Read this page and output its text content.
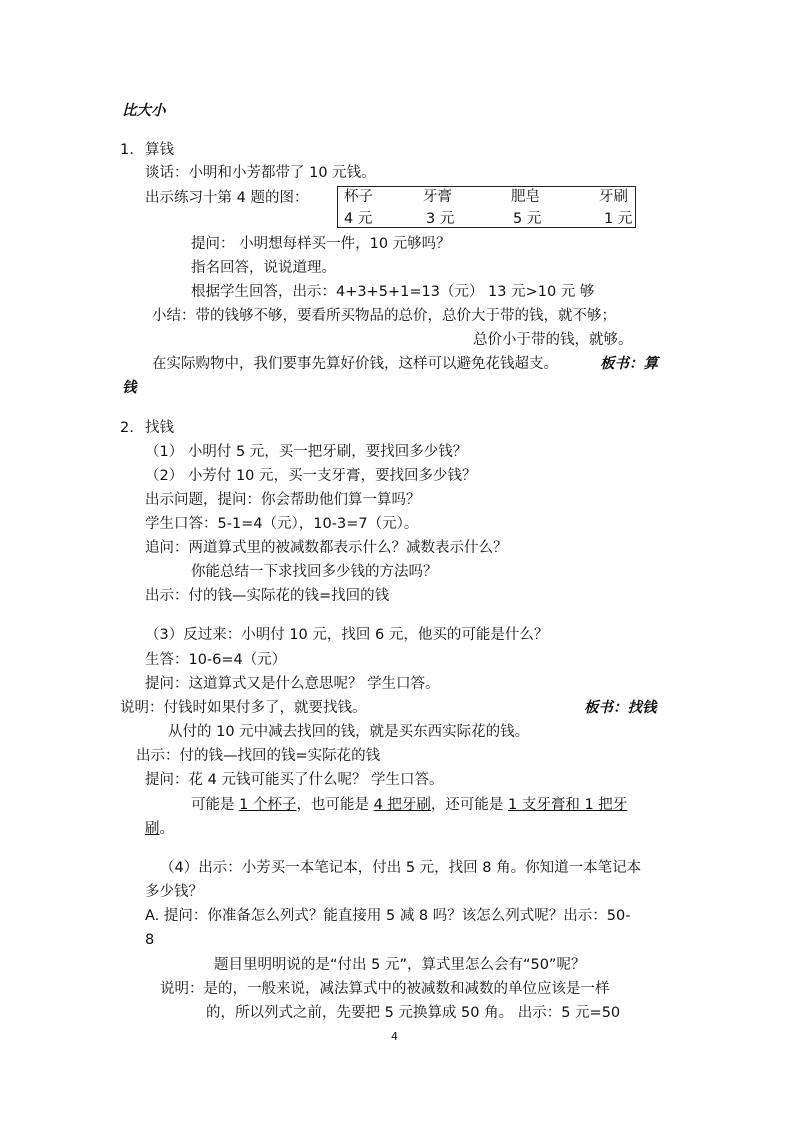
比大小
1. 算钱
谈话：小明和小芳都带了 10 元钱。
出示练习十第 4 题的图： 杯子	牙膏	肥皂	牙刷
4 元	3 元	5 元	1 元
提问： 小明想每样买一件，10 元够吗？
指名回答，说说道理。
根据学生回答，出示：4+3+5+1=13（元） 13 元>10 元 够
小结：带的钱够不够，要看所买物品的总价，总价大于带的钱，就不够；
总价小于带的钱，就够。
在实际购物中，我们要事先算好价钱，这样可以避免花钱超支。	板书：算
钱
2. 找钱
（1） 小明付 5 元，买一把牙刷，要找回多少钱？
（2） 小芳付 10 元，买一支牙膏，要找回多少钱？
出示问题，提问：你会帮助他们算一算吗？
学生口答：5-1=4（元），10-3=7（元）。
追问：两道算式里的被减数都表示什么？减数表示什么？
你能总结一下求找回多少钱的方法吗？
出示：付的钱—实际花的钱=找回的钱
（3）反过来：小明付 10 元，找回 6 元，他买的可能是什么？
生答：10-6=4（元）
提问：这道算式又是什么意思呢？ 学生口答。
说明：付钱时如果付多了，就要找钱。	板书：找钱
从付的 10 元中减去找回的钱，就是买东西实际花的钱。
出示：付的钱—找回的钱=实际花的钱
提问：花 4 元钱可能买了什么呢？ 学生口答。
可能是 1 个杯子，也可能是 4 把牙刷，还可能是 1 支牙膏和 1 把牙
刷。
（4）出示：小芳买一本笔记本，付出 5 元，找回 8 角。你知道一本笔记本
多少钱？
A. 提问：你准备怎么列式？能直接用 5 减 8 吗？该怎么列式呢？出示：50-
8
题目里明明说的是“付出 5 元”，算式里怎么会有“50”呢？
说明：是的，一般来说，减法算式中的被减数和减数的单位应该是一样
的，所以列式之前，先要把 5 元换算成 50 角。 出示：5 元=50
4
